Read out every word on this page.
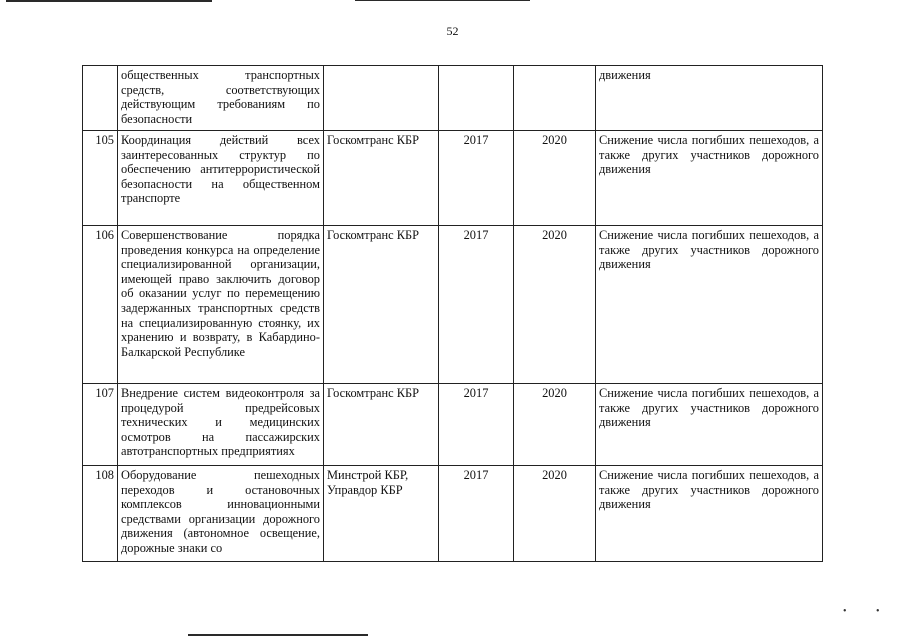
•	•
52
	общественных транспортных средств, соответствующих действующим требованиям по безопасности				движения
105	Координация действий всех заинтересованных структур по обеспечению антитеррористической безопасности на общественном транспорте	Госкомтранс КБР	2017	2020	Снижение числа погибших пешеходов, а также других участников дорожного движения
106	Совершенствование порядка проведения конкурса на определение специализированной организации, имеющей право заключить договор об оказании услуг по перемещению задержанных транспортных средств на специализированную стоянку, их хранению и возврату, в Кабардино-Балкарской Республике	Госкомтранс КБР	2017	2020	Снижение числа погибших пешеходов, а также других участников дорожного движения
107	Внедрение систем видеоконтроля за процедурой предрейсовых технических и медицинских осмотров на пассажирских автотранспортных предприятиях	Госкомтранс КБР	2017	2020	Снижение числа погибших пешеходов, а также других участников дорожного движения
108	Оборудование пешеходных переходов и остановочных комплексов инновационными средствами организации дорожного движения (автономное освещение, дорожные знаки со	Минстрой КБР, Управдор КБР	2017	2020	Снижение числа погибших пешеходов, а также других участников дорожного движения
